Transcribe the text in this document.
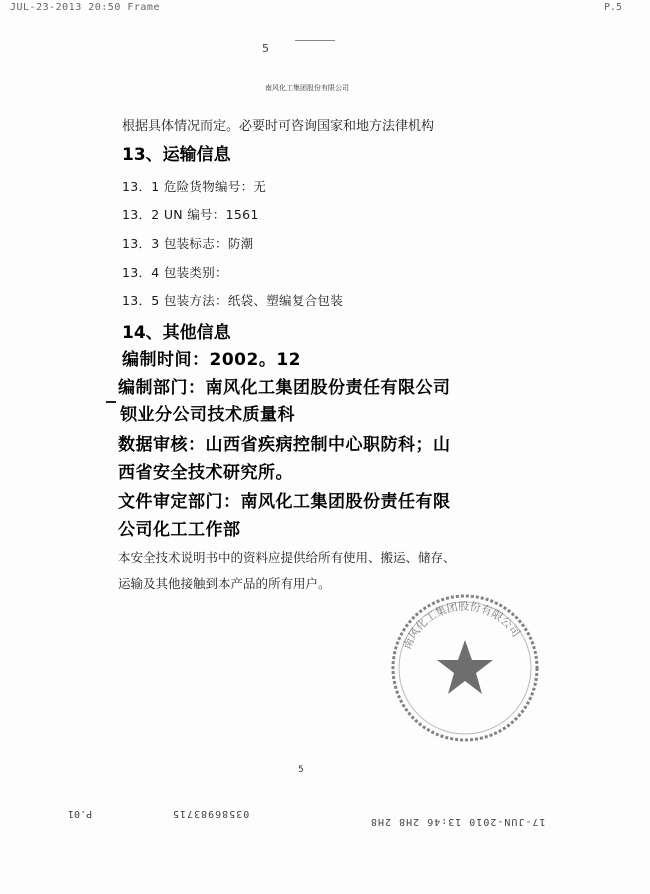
JUL-23-2013 20:50 Frame	P.5
5
南风化工集团股份有限公司
根据具体情况而定。必要时可咨询国家和地方法律机构
13、运输信息
13．1 危险货物编号：无
13．2 UN 编号：1561
13．3 包装标志：防潮
13．4 包装类别：
13．5 包装方法：纸袋、塑编复合包装
14、其他信息
编制时间：2002。12
编制部门：南风化工集团股份责任有限公司
钡业分公司技术质量科
数据审核：山西省疾病控制中心职防科；山
西省安全技术研究所。
文件审定部门：南风化工集团股份责任有限
公司化工工作部
本安全技术说明书中的资料应提供给所有使用、搬运、储存、
运输及其他接触到本产品的所有用户。
南风化工集团股份有限公司
5
P.01	03586983715
17-JUN-2010 13:46 2H8 2H8
